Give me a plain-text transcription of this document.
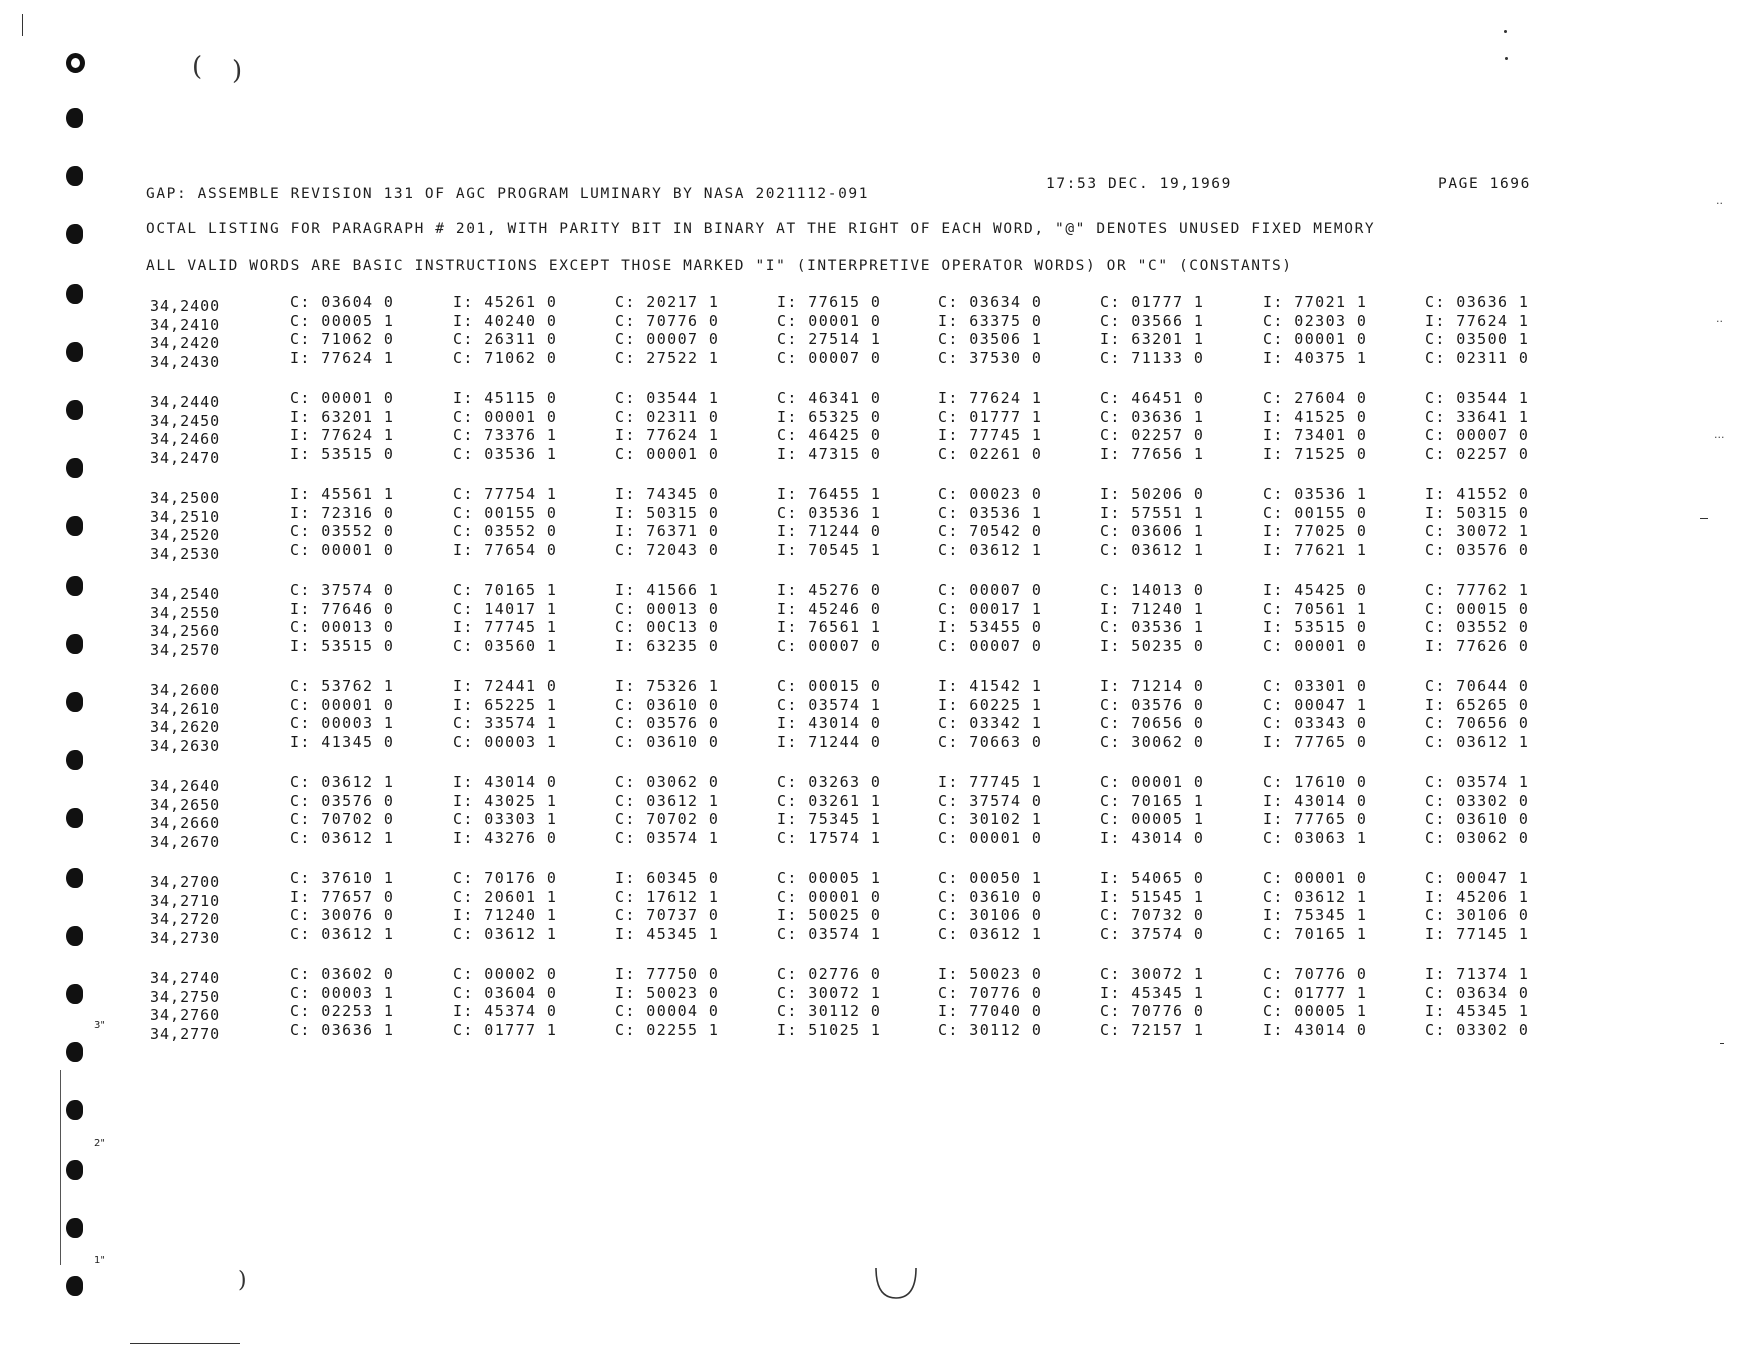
3"
2"
1"
( )
)
..
..
...
GAP: ASSEMBLE REVISION 131 OF AGC PROGRAM LUMINARY BY NASA 2021112-091
17:53 DEC. 19,1969	PAGE 1696
OCTAL LISTING FOR PARAGRAPH # 201, WITH PARITY BIT IN BINARY AT THE RIGHT OF EACH WORD, "@" DENOTES UNUSED FIXED MEMORY
ALL VALID WORDS ARE BASIC INSTRUCTIONS EXCEPT THOSE MARKED "I" (INTERPRETIVE OPERATOR WORDS) OR "C" (CONSTANTS)
34,2400	C: 03604 0	I: 45261 0	C: 20217 1	I: 77615 0	C: 03634 0	C: 01777 1	I: 77021 1	C: 03636 1
34,2410	C: 00005 1	I: 40240 0	C: 70776 0	C: 00001 0	I: 63375 0	C: 03566 1	C: 02303 0	I: 77624 1
34,2420	C: 71062 0	C: 26311 0	C: 00007 0	C: 27514 1	C: 03506 1	I: 63201 1	C: 00001 0	C: 03500 1
34,2430	I: 77624 1	C: 71062 0	C: 27522 1	C: 00007 0	C: 37530 0	C: 71133 0	I: 40375 1	C: 02311 0
34,2440	C: 00001 0	I: 45115 0	C: 03544 1	C: 46341 0	I: 77624 1	C: 46451 0	C: 27604 0	C: 03544 1
34,2450	I: 63201 1	C: 00001 0	C: 02311 0	I: 65325 0	C: 01777 1	C: 03636 1	I: 41525 0	C: 33641 1
34,2460	I: 77624 1	C: 73376 1	I: 77624 1	C: 46425 0	I: 77745 1	C: 02257 0	I: 73401 0	C: 00007 0
34,2470	I: 53515 0	C: 03536 1	C: 00001 0	I: 47315 0	C: 02261 0	I: 77656 1	I: 71525 0	C: 02257 0
34,2500	I: 45561 1	C: 77754 1	I: 74345 0	I: 76455 1	C: 00023 0	I: 50206 0	C: 03536 1	I: 41552 0
34,2510	I: 72316 0	C: 00155 0	I: 50315 0	C: 03536 1	C: 03536 1	I: 57551 1	C: 00155 0	I: 50315 0
34,2520	C: 03552 0	C: 03552 0	I: 76371 0	I: 71244 0	C: 70542 0	C: 03606 1	I: 77025 0	C: 30072 1
34,2530	C: 00001 0	I: 77654 0	C: 72043 0	I: 70545 1	C: 03612 1	C: 03612 1	I: 77621 1	C: 03576 0
34,2540	C: 37574 0	C: 70165 1	I: 41566 1	I: 45276 0	C: 00007 0	C: 14013 0	I: 45425 0	C: 77762 1
34,2550	I: 77646 0	C: 14017 1	C: 00013 0	I: 45246 0	C: 00017 1	I: 71240 1	C: 70561 1	C: 00015 0
34,2560	C: 00013 0	I: 77745 1	C: 00C13 0	I: 76561 1	I: 53455 0	C: 03536 1	I: 53515 0	C: 03552 0
34,2570	I: 53515 0	C: 03560 1	I: 63235 0	C: 00007 0	C: 00007 0	I: 50235 0	C: 00001 0	I: 77626 0
34,2600	C: 53762 1	I: 72441 0	I: 75326 1	C: 00015 0	I: 41542 1	I: 71214 0	C: 03301 0	C: 70644 0
34,2610	C: 00001 0	I: 65225 1	C: 03610 0	C: 03574 1	I: 60225 1	C: 03576 0	C: 00047 1	I: 65265 0
34,2620	C: 00003 1	C: 33574 1	C: 03576 0	I: 43014 0	C: 03342 1	C: 70656 0	C: 03343 0	C: 70656 0
34,2630	I: 41345 0	C: 00003 1	C: 03610 0	I: 71244 0	C: 70663 0	C: 30062 0	I: 77765 0	C: 03612 1
34,2640	C: 03612 1	I: 43014 0	C: 03062 0	C: 03263 0	I: 77745 1	C: 00001 0	C: 17610 0	C: 03574 1
34,2650	C: 03576 0	I: 43025 1	C: 03612 1	C: 03261 1	C: 37574 0	C: 70165 1	I: 43014 0	C: 03302 0
34,2660	C: 70702 0	C: 03303 1	C: 70702 0	I: 75345 1	C: 30102 1	C: 00005 1	I: 77765 0	C: 03610 0
34,2670	C: 03612 1	I: 43276 0	C: 03574 1	C: 17574 1	C: 00001 0	I: 43014 0	C: 03063 1	C: 03062 0
34,2700	C: 37610 1	C: 70176 0	I: 60345 0	C: 00005 1	C: 00050 1	I: 54065 0	C: 00001 0	C: 00047 1
34,2710	I: 77657 0	C: 20601 1	C: 17612 1	C: 00001 0	C: 03610 0	I: 51545 1	C: 03612 1	I: 45206 1
34,2720	C: 30076 0	I: 71240 1	C: 70737 0	I: 50025 0	C: 30106 0	C: 70732 0	I: 75345 1	C: 30106 0
34,2730	C: 03612 1	C: 03612 1	I: 45345 1	C: 03574 1	C: 03612 1	C: 37574 0	C: 70165 1	I: 77145 1
34,2740	C: 03602 0	C: 00002 0	I: 77750 0	C: 02776 0	I: 50023 0	C: 30072 1	C: 70776 0	I: 71374 1
34,2750	C: 00003 1	C: 03604 0	I: 50023 0	C: 30072 1	C: 70776 0	I: 45345 1	C: 01777 1	C: 03634 0
34,2760	C: 02253 1	I: 45374 0	C: 00004 0	C: 30112 0	I: 77040 0	C: 70776 0	C: 00005 1	I: 45345 1
34,2770	C: 03636 1	C: 01777 1	C: 02255 1	I: 51025 1	C: 30112 0	C: 72157 1	I: 43014 0	C: 03302 0
